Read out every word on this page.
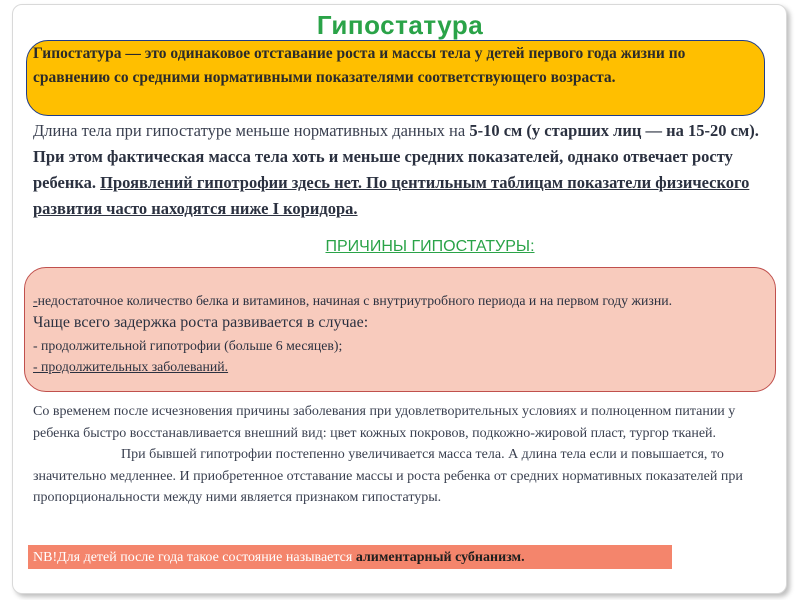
Гипостатура
Гипостатура — это одинаковое отставание роста и массы тела у детей первого года жизни по сравнению со средними нормативными показателями соответствующего возраста.
Длина тела при гипостатуре меньше нормативных данных на 5-10 см (у старших лиц — на 15-20 см). При этом фактическая масса тела хоть и меньше средних показателей, однако отвечает росту ребенка. Проявлений гипотрофии здесь нет. По центильным таблицам показатели физического развития часто находятся ниже I коридора.
ПРИЧИНЫ ГИПОСТАТУРЫ:

-недостаточное количество белка и витаминов, начиная с внутриутробного периода и на первом году жизни.

Чаще всего задержка роста развивается в случае:

- продолжительной гипотрофии (больше 6 месяцев);

- продолжительных заболеваний.

Со временем после исчезновения причины заболевания при удовлетворительных условиях и полноценном питании у ребенка быстро восстанавливается внешний вид: цвет кожных покровов, подкожно-жировой пласт, тургор тканей.При бывшей гипотрофии постепенно увеличивается масса тела. А длина тела если и повышается, то значительно медленнее. И приобретенное отставание массы и роста ребенка от средних нормативных показателей при пропорциональности между ними является признаком гипостатуры.
NB!Для детей после года такое состояние называется алиментарный субнанизм.
